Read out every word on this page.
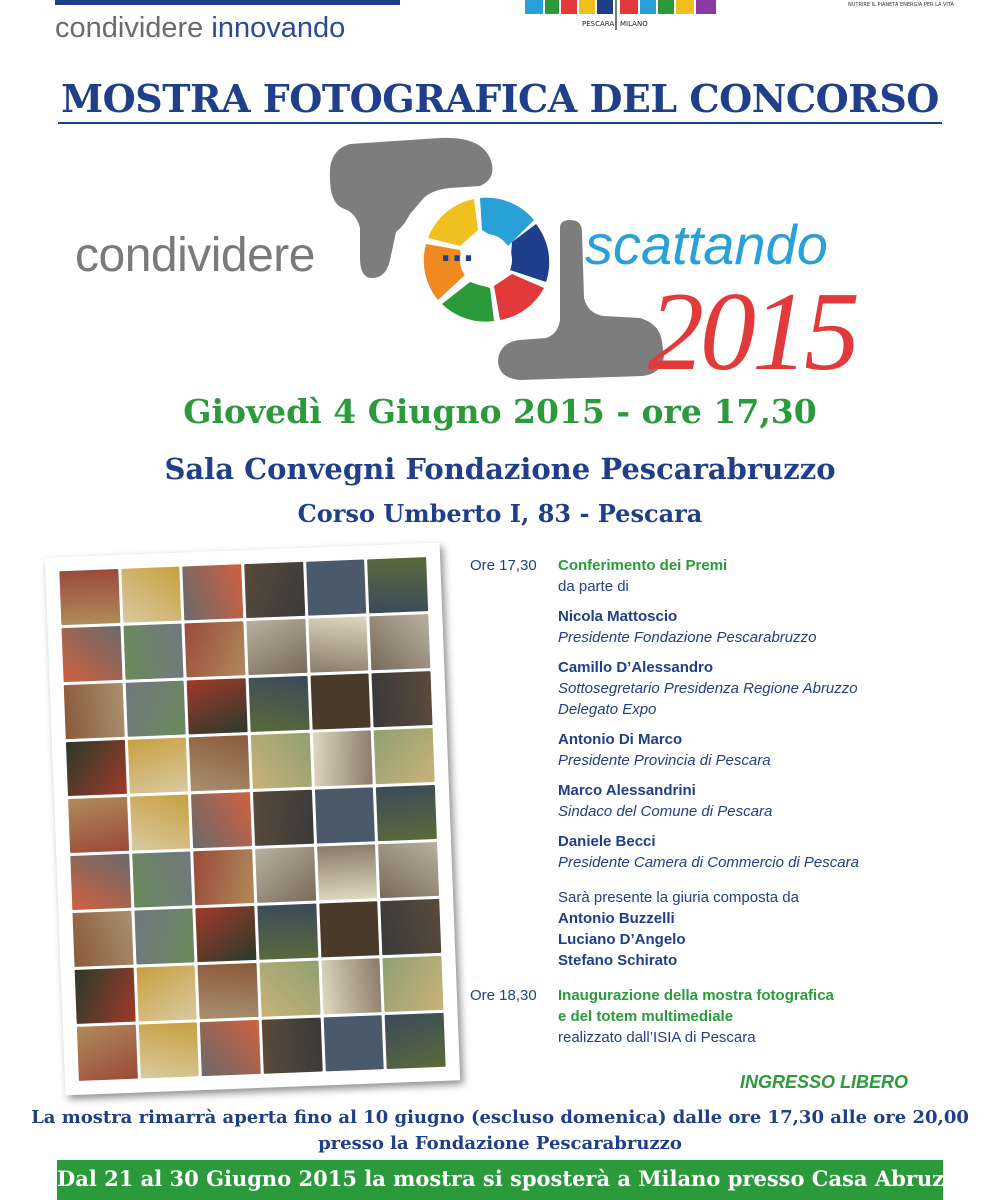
condividere innovando	PESCARA MILANO
NUTRIRE IL PIANETA ENERGIA PER LA VITA
MOSTRA FOTOGRAFICA DEL CONCORSO
condividere	... scattando
2015
Giovedì 4 Giugno 2015 - ore 17,30
Sala Convegni Fondazione Pescarabruzzo
Corso Umberto I, 83 - Pescara
Ore 17,30	Conferimento dei Premi
da parte di
Nicola Mattoscio
Presidente Fondazione Pescarabruzzo
Camillo D’Alessandro
Sottosegretario Presidenza Regione Abruzzo
Delegato Expo
Antonio Di Marco
Presidente Provincia di Pescara
Marco Alessandrini
Sindaco del Comune di Pescara
Daniele Becci
Presidente Camera di Commercio di Pescara
Sarà presente la giuria composta da
Antonio Buzzelli
Luciano D’Angelo
Stefano Schirato
Ore 18,30	Inaugurazione della mostra fotografica
e del totem multimediale
realizzato dall’ISIA di Pescara
INGRESSO LIBERO
La mostra rimarrà aperta fino al 10 giugno (escluso domenica) dalle ore 17,30 alle ore 20,00
presso la Fondazione Pescarabruzzo
Dal 21 al 30 Giugno 2015 la mostra si sposterà a Milano presso Casa Abruzzo
